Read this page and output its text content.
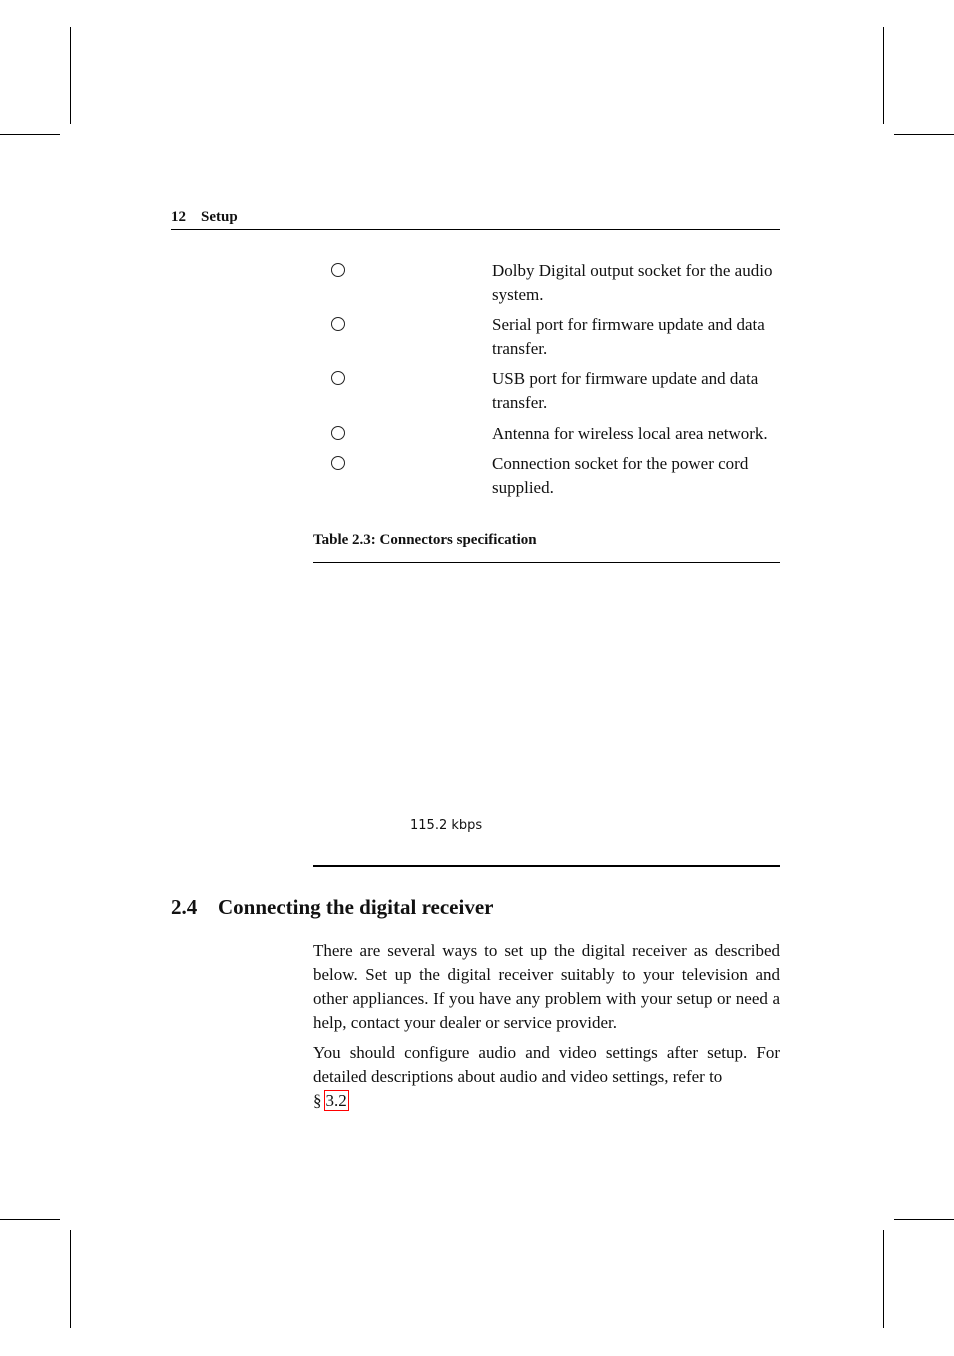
12 Setup
Dolby Digital output socket for the audio system.
Serial port for firmware update and data transfer.
USB port for firmware update and data transfer.
Antenna for wireless local area network.
Connection socket for the power cord supplied.
Table 2.3: Connectors specification
115.2 kbps
2.4 Connecting the digital receiver

There are several ways to set up the digital receiver as described below. Set up the digital receiver suitably to your television and other appliances. If you have any problem with your setup or need a help, contact your dealer or service provider.

You should configure audio and video settings after setup. For detailed descriptions about audio and video settings, refer to
§ 3.2
